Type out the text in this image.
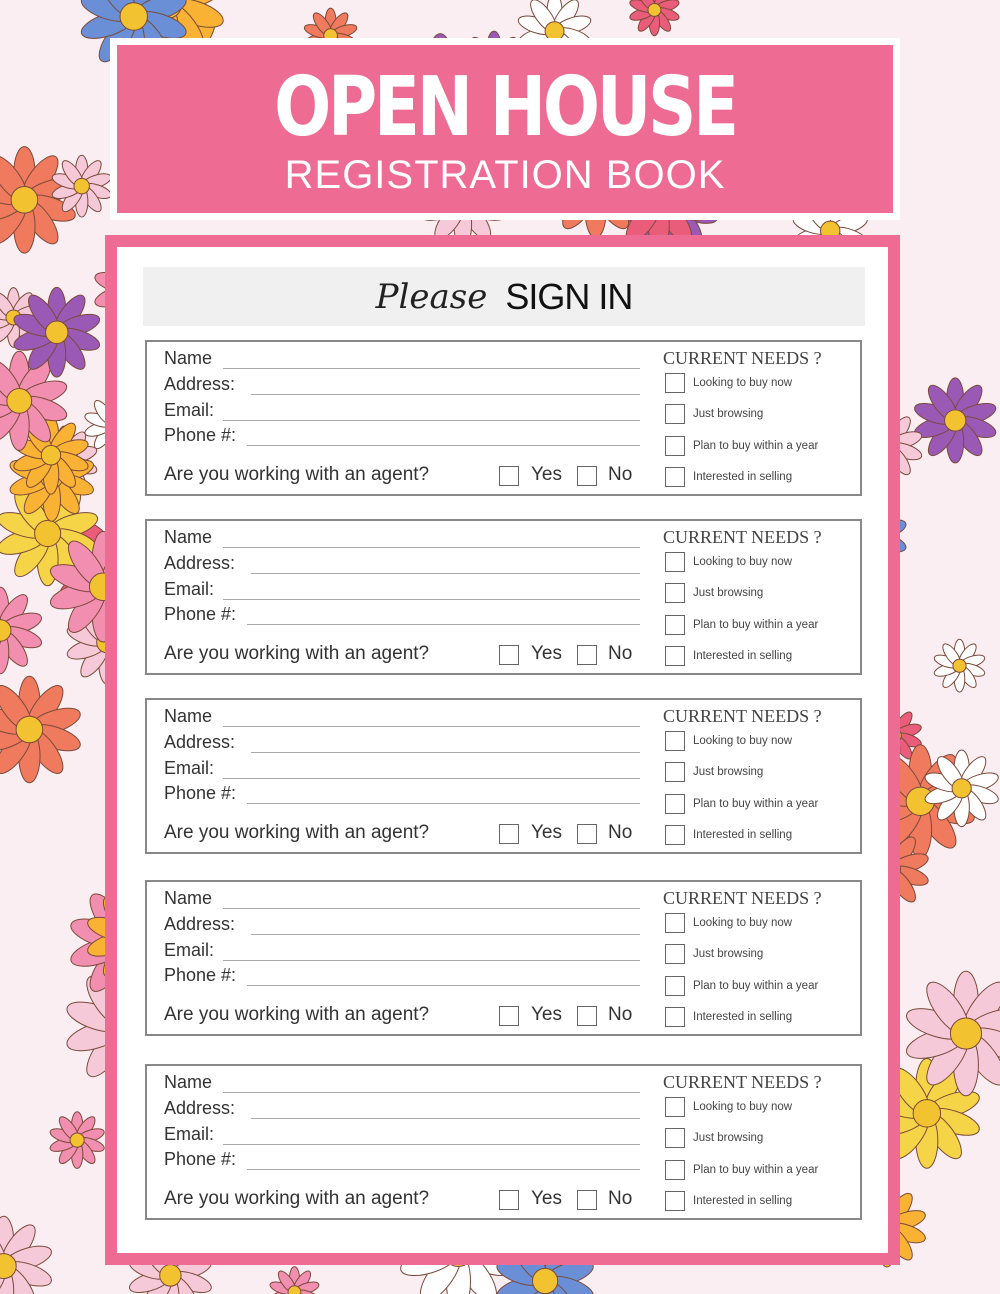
OPEN HOUSE
REGISTRATION BOOK
Please SIGN IN
Name
Address:
Email:
Phone #:
Are you working with an agent?	Yes No
CURRENT NEEDS ?
Looking to buy now
Just browsing
Plan to buy within a year
Interested in selling
Name
Address:
Email:
Phone #:
Are you working with an agent?	Yes No
CURRENT NEEDS ?
Looking to buy now
Just browsing
Plan to buy within a year
Interested in selling
Name
Address:
Email:
Phone #:
Are you working with an agent?	Yes No
CURRENT NEEDS ?
Looking to buy now
Just browsing
Plan to buy within a year
Interested in selling
Name
Address:
Email:
Phone #:
Are you working with an agent?	Yes No
CURRENT NEEDS ?
Looking to buy now
Just browsing
Plan to buy within a year
Interested in selling
Name
Address:
Email:
Phone #:
Are you working with an agent?	Yes No
CURRENT NEEDS ?
Looking to buy now
Just browsing
Plan to buy within a year
Interested in selling
